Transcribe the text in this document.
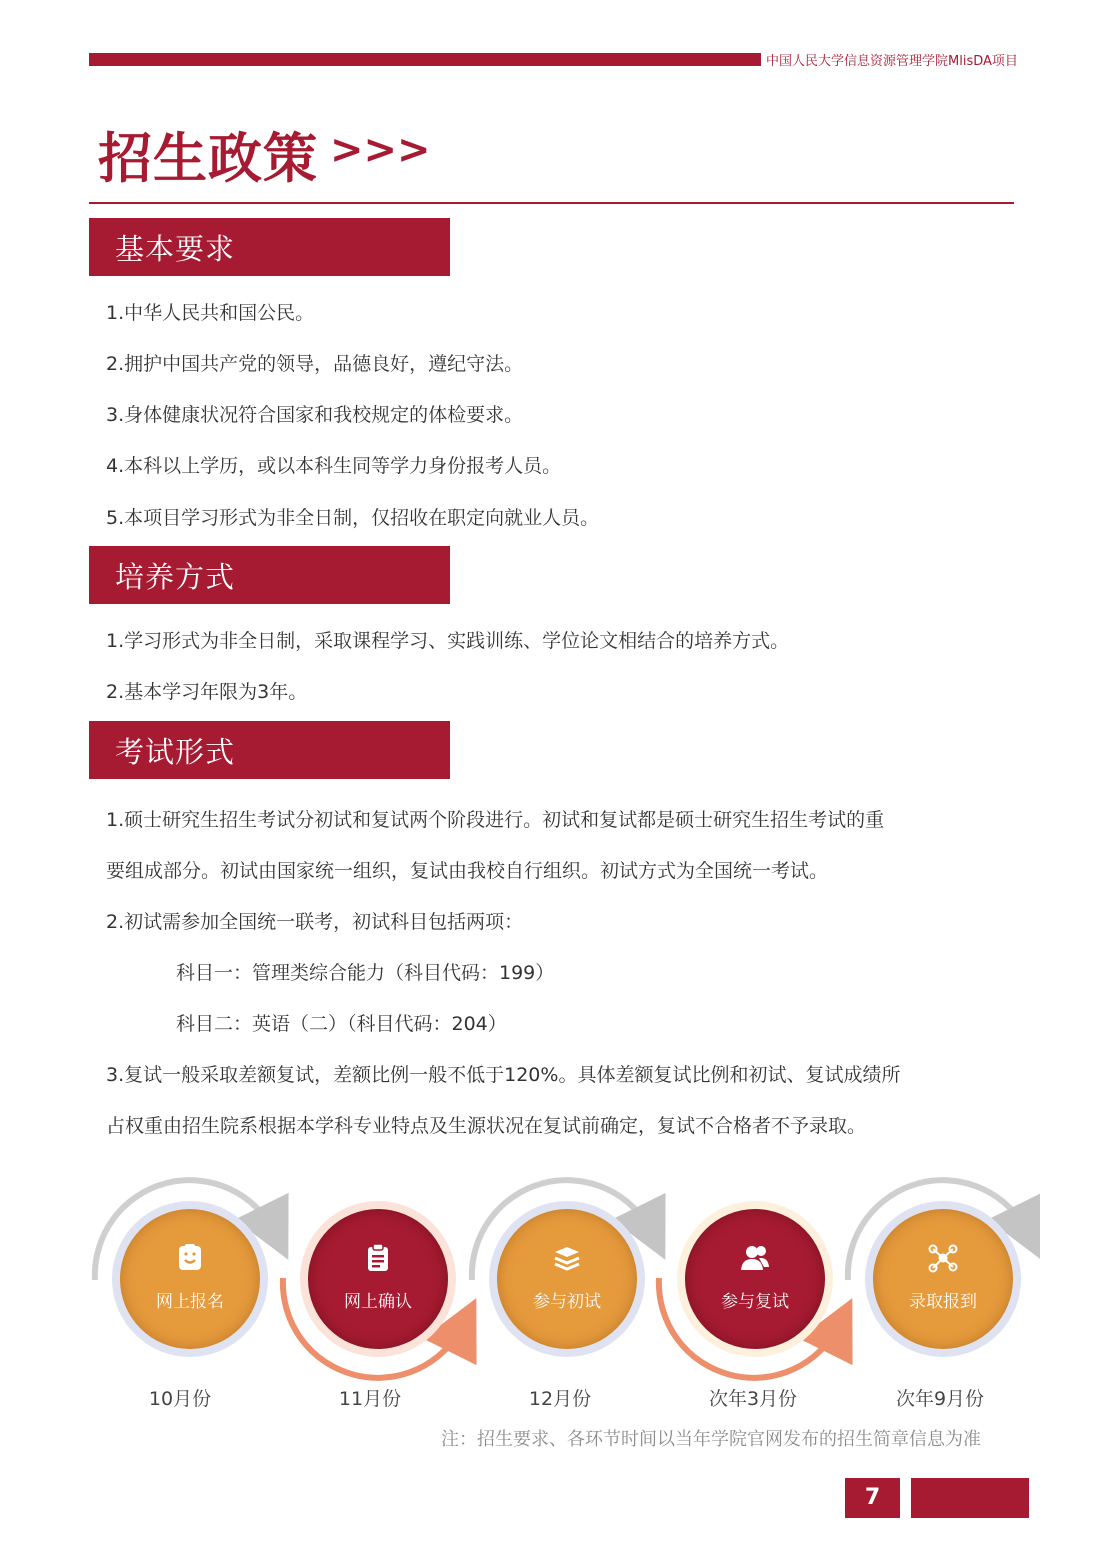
中国人民大学信息资源管理学院MlisDA项目
招生政策 >>>
基本要求
1.中华人民共和国公民。
2.拥护中国共产党的领导，品德良好，遵纪守法。
3.身体健康状况符合国家和我校规定的体检要求。
4.本科以上学历，或以本科生同等学力身份报考人员。
5.本项目学习形式为非全日制，仅招收在职定向就业人员。
培养方式
1.学习形式为非全日制，采取课程学习、实践训练、学位论文相结合的培养方式。
2.基本学习年限为3年。
考试形式
1.硕士研究生招生考试分初试和复试两个阶段进行。初试和复试都是硕士研究生招生考试的重
要组成部分。初试由国家统一组织，复试由我校自行组织。初试方式为全国统一考试。
2.初试需参加全国统一联考，初试科目包括两项：
科目一：管理类综合能力（科目代码：199）
科目二：英语（二）（科目代码：204）
3.复试一般采取差额复试，差额比例一般不低于120%。具体差额复试比例和初试、复试成绩所
占权重由招生院系根据本学科专业特点及生源状况在复试前确定，复试不合格者不予录取。
网上报名
10月份
网上确认
11月份
参与初试
12月份
参与复试
次年3月份
录取报到
次年9月份
注：招生要求、各环节时间以当年学院官网发布的招生简章信息为准
7
